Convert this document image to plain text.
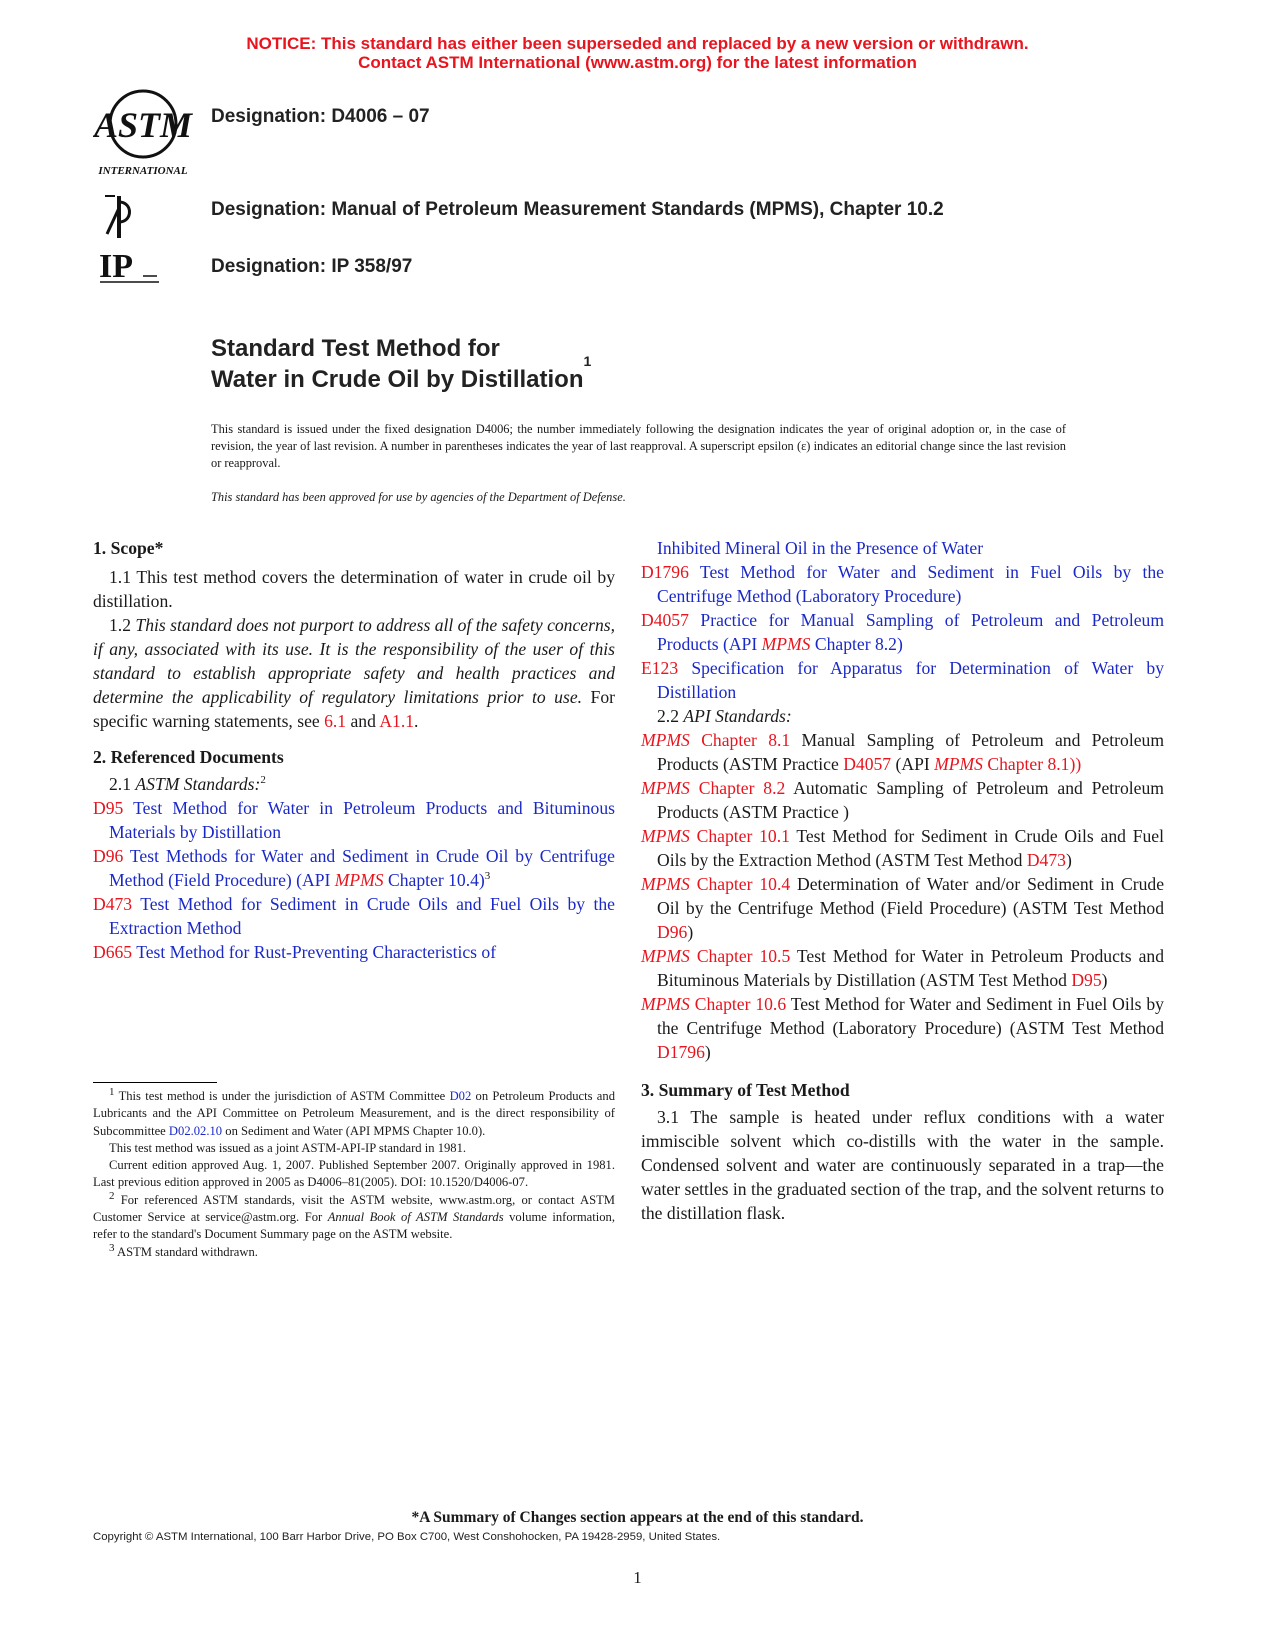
NOTICE: This standard has either been superseded and replaced by a new version or withdrawn.
Contact ASTM International (www.astm.org) for the latest information
ASTM
INTERNATIONAL
Designation: D4006 – 07
API
Designation: Manual of Petroleum Measurement Standards (MPMS), Chapter 10.2
IP	Designation: IP 358/97
Standard Test Method for
Water in Crude Oil by Distillation$^1$
This standard is issued under the fixed designation D4006; the number immediately following the designation indicates the year of original adoption or, in the case of revision, the year of last revision. A number in parentheses indicates the year of last reapproval. A superscript epsilon (ε) indicates an editorial change since the last revision or reapproval.
This standard has been approved for use by agencies of the Department of Defense.

1. Scope*

1.1 This test method covers the determination of water in crude oil by distillation.

1.2 This standard does not purport to address all of the safety concerns, if any, associated with its use. It is the responsibility of the user of this standard to establish appropriate safety and health practices and determine the applicability of regulatory limitations prior to use. For specific warning statements, see 6.1 and A1.1.

2. Referenced Documents

2.1 ASTM Standards:$^2$

D95 Test Method for Water in Petroleum Products and Bituminous Materials by Distillation

D96 Test Methods for Water and Sediment in Crude Oil by Centrifuge Method (Field Procedure) (API MPMS Chapter 10.4)$^3$

D473 Test Method for Sediment in Crude Oils and Fuel Oils by the Extraction Method

D665 Test Method for Rust-Preventing Characteristics of

$^1$ This test method is under the jurisdiction of ASTM Committee D02 on Petroleum Products and Lubricants and the API Committee on Petroleum Measurement, and is the direct responsibility of Subcommittee D02.02.10 on Sediment and Water (API MPMS Chapter 10.0).

This test method was issued as a joint ASTM-API-IP standard in 1981.

Current edition approved Aug. 1, 2007. Published September 2007. Originally approved in 1981. Last previous edition approved in 2005 as D4006–81(2005). DOI: 10.1520/D4006-07.

$^2$ For referenced ASTM standards, visit the ASTM website, www.astm.org, or contact ASTM Customer Service at service@astm.org. For Annual Book of ASTM Standards volume information, refer to the standard's Document Summary page on the ASTM website.

$^3$ ASTM standard withdrawn.

Inhibited Mineral Oil in the Presence of Water

D1796 Test Method for Water and Sediment in Fuel Oils by the Centrifuge Method (Laboratory Procedure)

D4057 Practice for Manual Sampling of Petroleum and Petroleum Products (API MPMS Chapter 8.2)

E123 Specification for Apparatus for Determination of Water by Distillation

2.2 API Standards:

MPMS Chapter 8.1 Manual Sampling of Petroleum and Petroleum Products (ASTM Practice D4057 (API MPMS Chapter 8.1))

MPMS Chapter 8.2 Automatic Sampling of Petroleum and Petroleum Products (ASTM Practice )

MPMS Chapter 10.1 Test Method for Sediment in Crude Oils and Fuel Oils by the Extraction Method (ASTM Test Method D473)

MPMS Chapter 10.4 Determination of Water and/or Sediment in Crude Oil by the Centrifuge Method (Field Procedure) (ASTM Test Method D96)

MPMS Chapter 10.5 Test Method for Water in Petroleum Products and Bituminous Materials by Distillation (ASTM Test Method D95)

MPMS Chapter 10.6 Test Method for Water and Sediment in Fuel Oils by the Centrifuge Method (Laboratory Procedure) (ASTM Test Method D1796)

3. Summary of Test Method

3.1 The sample is heated under reflux conditions with a water immiscible solvent which co-distills with the water in the sample. Condensed solvent and water are continuously separated in a trap—the water settles in the graduated section of the trap, and the solvent returns to the distillation flask.

*A Summary of Changes section appears at the end of this standard.
Copyright © ASTM International, 100 Barr Harbor Drive, PO Box C700, West Conshohocken, PA 19428-2959, United States.
1
